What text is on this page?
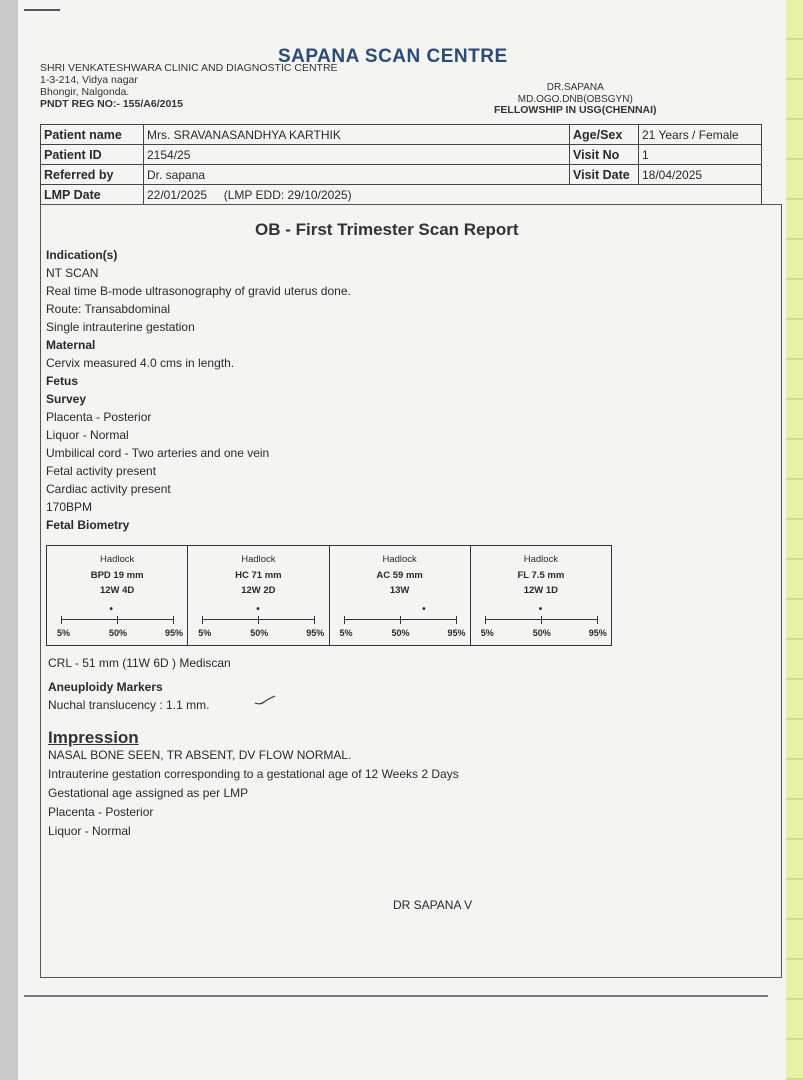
SAPANA SCAN CENTRE
SHRI VENKATESHWARA CLINIC AND DIAGNOSTIC CENTRE
1-3-214, Vidya nagar
Bhongir, Nalgonda.
PNDT REG NO:- 155/A6/2015
DR.SAPANA
MD.OGO.DNB(OBSGYN)
FELLOWSHIP IN USG(CHENNAI)
Patient name	Mrs. SRAVANASANDHYA KARTHIK	Age/Sex	21 Years / Female
Patient ID	2154/25	Visit No	1
Referred by	Dr. sapana	Visit Date	18/04/2025
LMP Date	22/01/2025 (LMP EDD: 29/10/2025)		
OB - First Trimester Scan Report
Indication(s)
NT SCAN
Real time B-mode ultrasonography of gravid uterus done.
Route: Transabdominal
Single intrauterine gestation
Maternal
Cervix measured 4.0 cms in length.
Fetus
Survey
Placenta - Posterior
Liquor - Normal
Umbilical cord - Two arteries and one vein
Fetal activity present
Cardiac activity present
170BPM
Fetal Biometry
Hadlock
BPD 19 mm
12W 4D
•
5%	50%	95%
Hadlock
HC 71 mm
12W 2D
•
5%	50%	95%
Hadlock
AC 59 mm
13W
•
5%	50%	95%
Hadlock
FL 7.5 mm
12W 1D
•
5%	50%	95%
CRL - 51 mm (11W 6D ) Mediscan
Aneuploidy Markers
Nuchal translucency : 1.1 mm.
Impression
NASAL BONE SEEN, TR ABSENT, DV FLOW NORMAL.
Intrauterine gestation corresponding to a gestational age of 12 Weeks 2 Days
Gestational age assigned as per LMP
Placenta - Posterior
Liquor - Normal
DR SAPANA V
